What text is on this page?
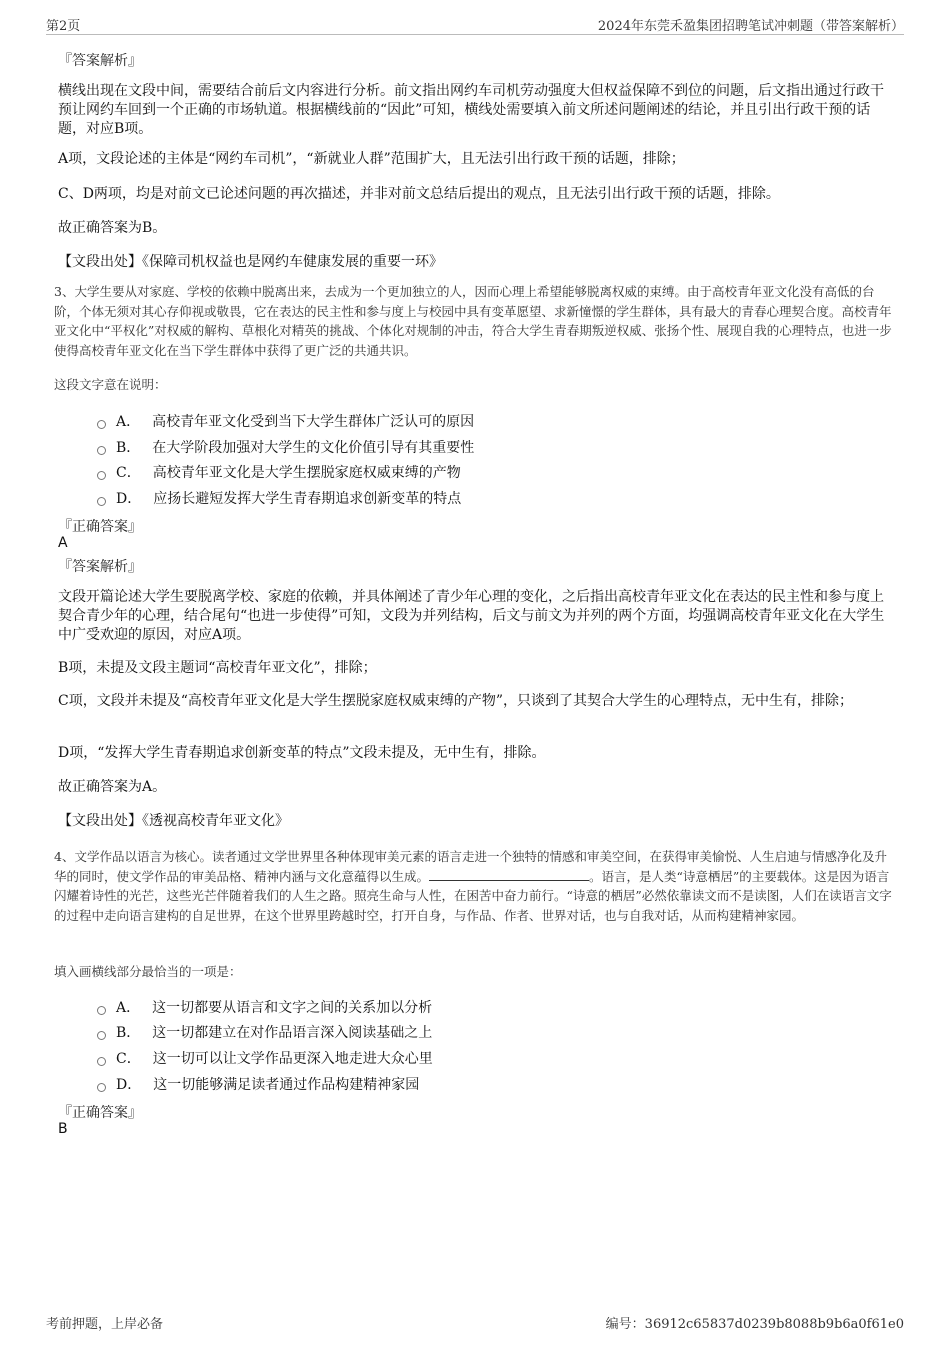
第2页	2024年东莞禾盈集团招聘笔试冲刺题（带答案解析）
『答案解析』
横线出现在文段中间，需要结合前后文内容进行分析。前文指出网约车司机劳动强度大但权益保障不到位的问题，后文指出通过行政干预让网约车回到一个正确的市场轨道。根据横线前的“因此”可知，横线处需要填入前文所述问题阐述的结论，并且引出行政干预的话题，对应B项。
A项，文段论述的主体是“网约车司机”，“新就业人群”范围扩大，且无法引出行政干预的话题，排除；
C、D两项，均是对前文已论述问题的再次描述，并非对前文总结后提出的观点，且无法引出行政干预的话题，排除。
故正确答案为B。
【文段出处】《保障司机权益也是网约车健康发展的重要一环》
3、大学生要从对家庭、学校的依赖中脱离出来，去成为一个更加独立的人，因而心理上希望能够脱离权威的束缚。由于高校青年亚文化没有高低的台阶，个体无须对其心存仰视或敬畏，它在表达的民主性和参与度上与校园中具有变革愿望、求新憧憬的学生群体，具有最大的青春心理契合度。高校青年亚文化中“平权化”对权威的解构、草根化对精英的挑战、个体化对规制的冲击，符合大学生青春期叛逆权威、张扬个性、展现自我的心理特点，也进一步使得高校青年亚文化在当下学生群体中获得了更广泛的共通共识。
这段文字意在说明：
A． 高校青年亚文化受到当下大学生群体广泛认可的原因
B． 在大学阶段加强对大学生的文化价值引导有其重要性
C． 高校青年亚文化是大学生摆脱家庭权威束缚的产物
D． 应扬长避短发挥大学生青春期追求创新变革的特点
『正确答案』
A
『答案解析』
文段开篇论述大学生要脱离学校、家庭的依赖，并具体阐述了青少年心理的变化，之后指出高校青年亚文化在表达的民主性和参与度上契合青少年的心理，结合尾句“也进一步使得”可知，文段为并列结构，后文与前文为并列的两个方面，均强调高校青年亚文化在大学生中广受欢迎的原因，对应A项。
B项，未提及文段主题词“高校青年亚文化”，排除；
C项，文段并未提及“高校青年亚文化是大学生摆脱家庭权威束缚的产物”，只谈到了其契合大学生的心理特点，无中生有，排除；
D项，“发挥大学生青春期追求创新变革的特点”文段未提及，无中生有，排除。
故正确答案为A。
【文段出处】《透视高校青年亚文化》
4、文学作品以语言为核心。读者通过文学世界里各种体现审美元素的语言走进一个独特的情感和审美空间，在获得审美愉悦、人生启迪与情感净化及升华的同时，使文学作品的审美品格、精神内涵与文化意蕴得以生成。	。语言，是人类“诗意栖居”的主要载体。这是因为语言闪耀着诗性的光芒，这些光芒伴随着我们的人生之路。照亮生命与人性，在困苦中奋力前行。“诗意的栖居”必然依靠读文而不是读图，人们在读语言文字的过程中走向语言建构的自足世界，在这个世界里跨越时空，打开自身，与作品、作者、世界对话，也与自我对话，从而构建精神家园。
填入画横线部分最恰当的一项是：
A． 这一切都要从语言和文字之间的关系加以分析
B． 这一切都建立在对作品语言深入阅读基础之上
C． 这一切可以让文学作品更深入地走进大众心里
D． 这一切能够满足读者通过作品构建精神家园
『正确答案』
B
考前押题，上岸必备	编号：36912c65837d0239b8088b9b6a0f61e0
